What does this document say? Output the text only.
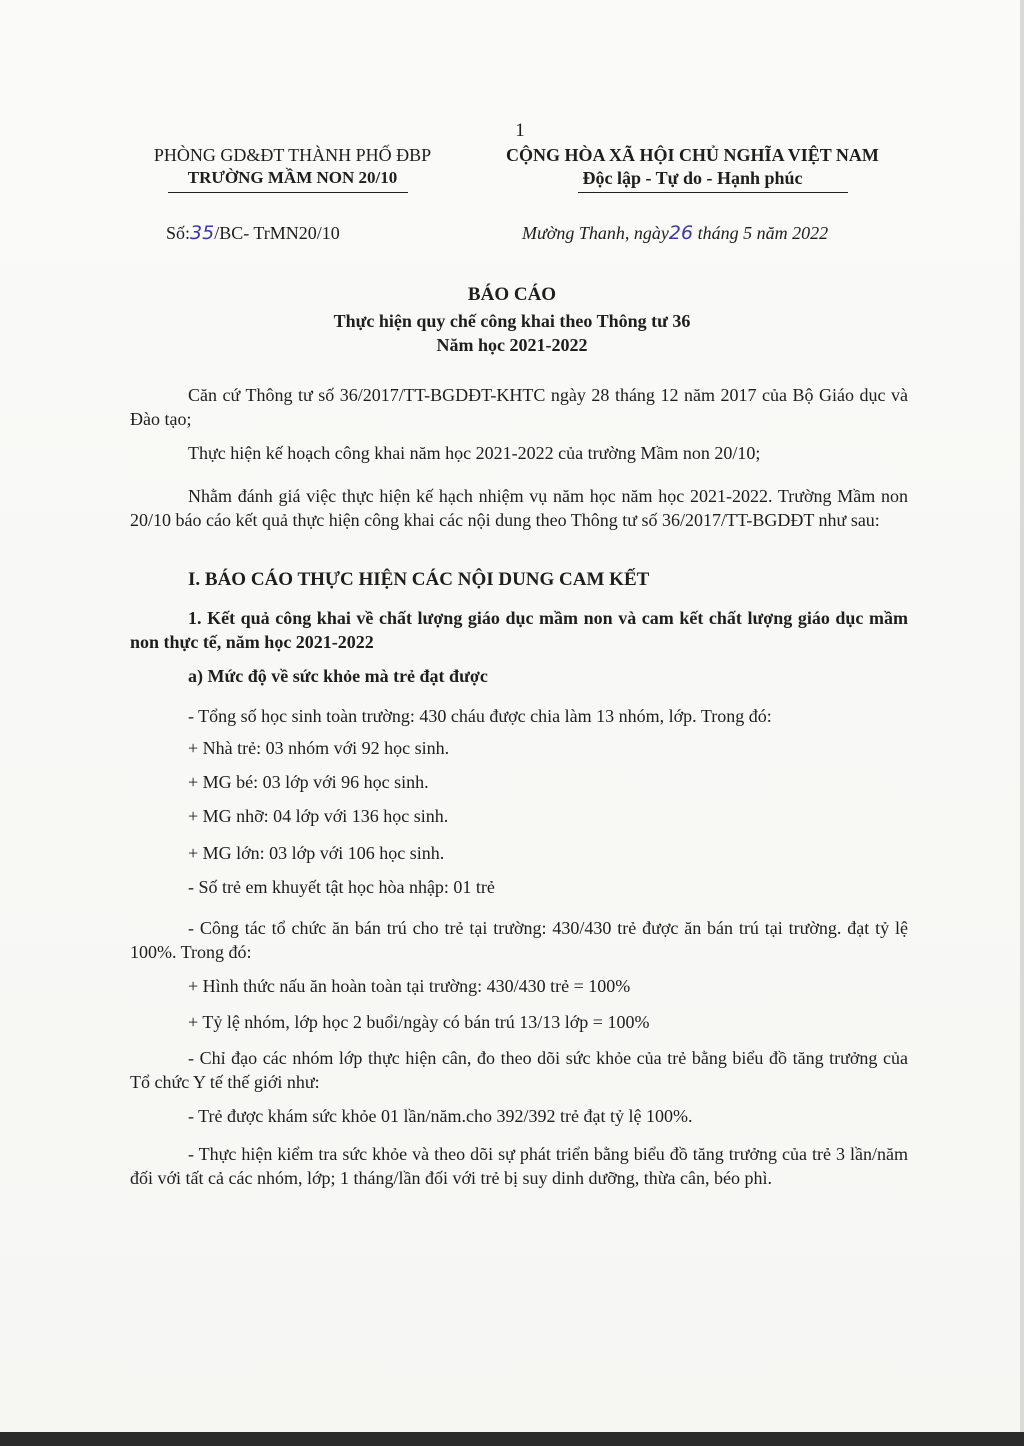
1
PHÒNG GD&ĐT THÀNH PHỐ ĐBP
TRƯỜNG MẦM NON 20/10
Số:35/BC- TrMN20/10
CỘNG HÒA XÃ HỘI CHỦ NGHĨA VIỆT NAM
Độc lập - Tự do - Hạnh phúc
Mường Thanh, ngày26 tháng 5 năm 2022
BÁO CÁO
Thực hiện quy chế công khai theo Thông tư 36
Năm học 2021-2022
Căn cứ Thông tư số 36/2017/TT-BGDĐT-KHTC ngày 28 tháng 12 năm 2017 của Bộ Giáo dục và Đào tạo;
Thực hiện kế hoạch công khai năm học 2021-2022 của trường Mầm non 20/10;
Nhằm đánh giá việc thực hiện kế hạch nhiệm vụ năm học năm học 2021-2022. Trường Mầm non 20/10 báo cáo kết quả thực hiện công khai các nội dung theo Thông tư số 36/2017/TT-BGDĐT như sau:
I. BÁO CÁO THỰC HIỆN CÁC NỘI DUNG CAM KẾT
1. Kết quả công khai về chất lượng giáo dục mầm non và cam kết chất lượng giáo dục mầm non thực tế, năm học 2021-2022
a) Mức độ về sức khỏe mà trẻ đạt được
- Tổng số học sinh toàn trường: 430 cháu được chia làm 13 nhóm, lớp. Trong đó:
+ Nhà trẻ: 03 nhóm với 92 học sinh.
+ MG bé: 03 lớp với 96 học sinh.
+ MG nhỡ: 04 lớp với 136 học sinh.
+ MG lớn: 03 lớp với 106 học sinh.
- Số trẻ em khuyết tật học hòa nhập: 01 trẻ
- Công tác tổ chức ăn bán trú cho trẻ tại trường: 430/430 trẻ được ăn bán trú tại trường. đạt tỷ lệ 100%. Trong đó:
+ Hình thức nấu ăn hoàn toàn tại trường: 430/430 trẻ = 100%
+ Tỷ lệ nhóm, lớp học 2 buổi/ngày có bán trú 13/13 lớp = 100%
- Chỉ đạo các nhóm lớp thực hiện cân, đo theo dõi sức khỏe của trẻ bằng biểu đồ tăng trưởng của Tổ chức Y tế thế giới như:
- Trẻ được khám sức khỏe 01 lần/năm.cho 392/392 trẻ đạt tỷ lệ 100%.
- Thực hiện kiểm tra sức khỏe và theo dõi sự phát triển bằng biểu đồ tăng trưởng của trẻ 3 lần/năm đối với tất cả các nhóm, lớp; 1 tháng/lần đối với trẻ bị suy dinh dưỡng, thừa cân, béo phì.
